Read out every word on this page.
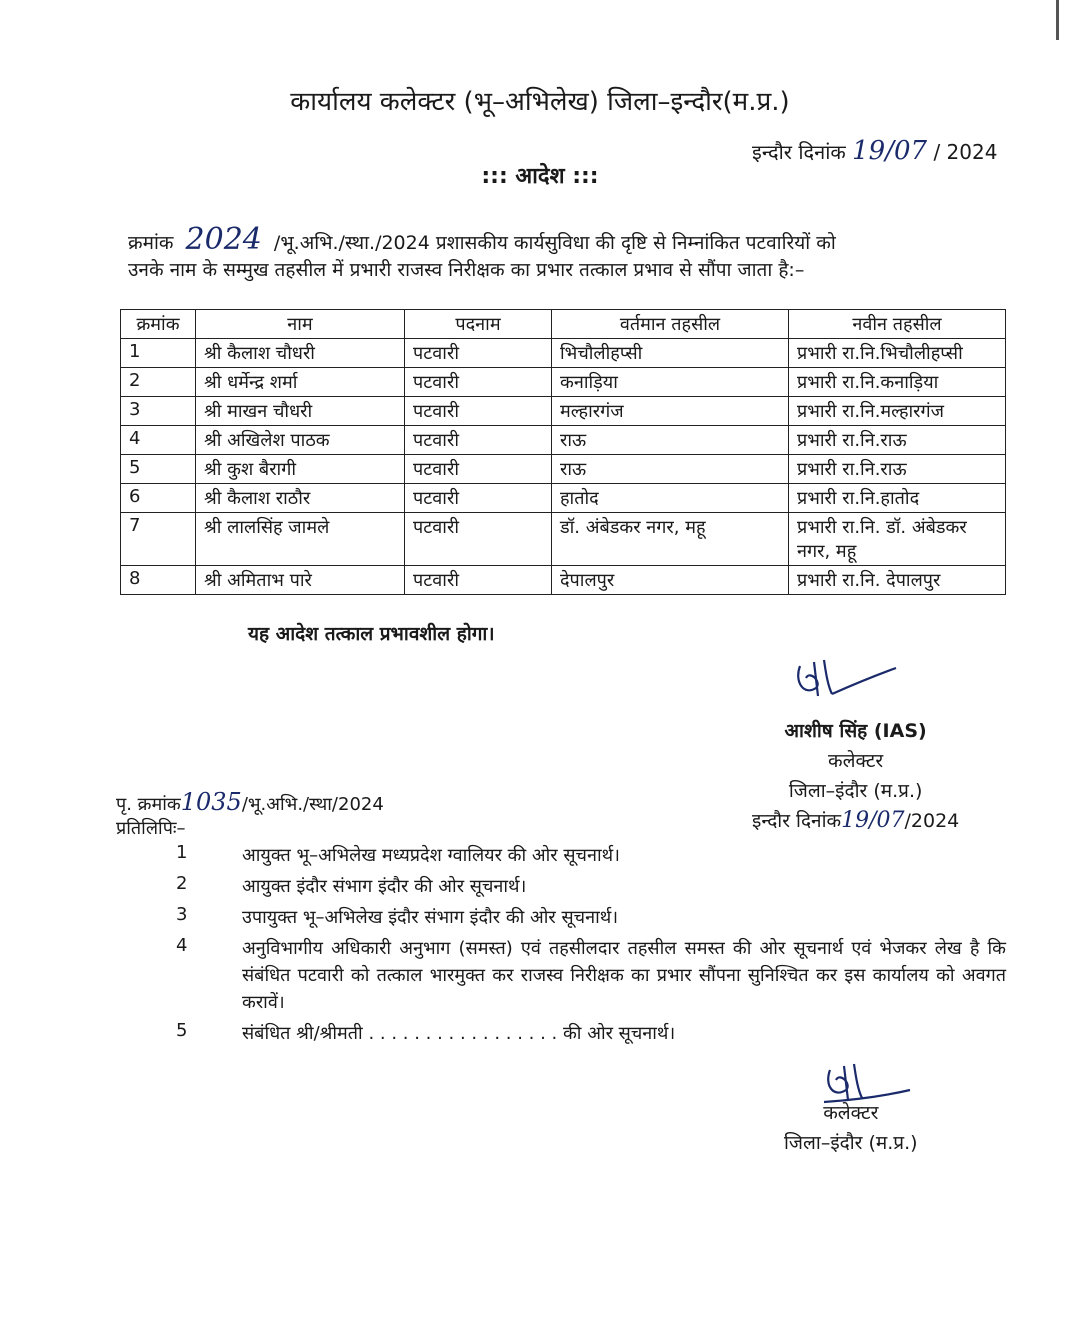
कार्यालय कलेक्टर (भू–अभिलेख) जिला–इन्दौर(म.प्र.)
इन्दौर दिनांक 19/07 / 2024
::: आदेश :::
क्रमांक 2024 /भू.अभि./स्था./2024 प्रशासकीय कार्यसुविधा की दृष्टि से निम्नांकित पटवारियों को
उनके नाम के सम्मुख तहसील में प्रभारी राजस्व निरीक्षक का प्रभार तत्काल प्रभाव से सौंपा जाता है:–
क्रमांक	नाम	पदनाम	वर्तमान तहसील	नवीन तहसील
1	श्री कैलाश चौधरी	पटवारी	भिचौलीहप्सी	प्रभारी रा.नि.भिचौलीहप्सी
2	श्री धर्मेन्द्र शर्मा	पटवारी	कनाड़िया	प्रभारी रा.नि.कनाड़िया
3	श्री माखन चौधरी	पटवारी	मल्हारगंज	प्रभारी रा.नि.मल्हारगंज
4	श्री अखिलेश पाठक	पटवारी	राऊ	प्रभारी रा.नि.राऊ
5	श्री कुश बैरागी	पटवारी	राऊ	प्रभारी रा.नि.राऊ
6	श्री कैलाश राठौर	पटवारी	हातोद	प्रभारी रा.नि.हातोद
7	श्री लालसिंह जामले	पटवारी	डॉ. अंबेडकर नगर, महू	प्रभारी रा.नि. डॉ. अंबेडकर नगर, महू
8	श्री अमिताभ पारे	पटवारी	देपालपुर	प्रभारी रा.नि. देपालपुर
यह आदेश तत्काल प्रभावशील होगा।
आशीष सिंह (IAS)
कलेक्टर
जिला–इंदौर (म.प्र.)
इन्दौर दिनांक19/07/2024
पृ. क्रमांक1035/भू.अभि./स्था/2024
प्रतिलिपिः–
1	आयुक्त भू–अभिलेख मध्यप्रदेश ग्वालियर की ओर सूचनार्थ।
2	आयुक्त इंदौर संभाग इंदौर की ओर सूचनार्थ।
3	उपायुक्त भू–अभिलेख इंदौर संभाग इंदौर की ओर सूचनार्थ।
4	अनुविभागीय अधिकारी अनुभाग (समस्त) एवं तहसीलदार तहसील समस्त की ओर सूचनार्थ एवं भेजकर लेख है कि संबंधित पटवारी को तत्काल भारमुक्त कर राजस्व निरीक्षक का प्रभार सौंपना सुनिश्चित कर इस कार्यालय को अवगत करावें।
5	संबंधित श्री/श्रीमती . . . . . . . . . . . . . . . . . की ओर सूचनार्थ।
कलेक्टर
जिला–इंदौर (म.प्र.)
